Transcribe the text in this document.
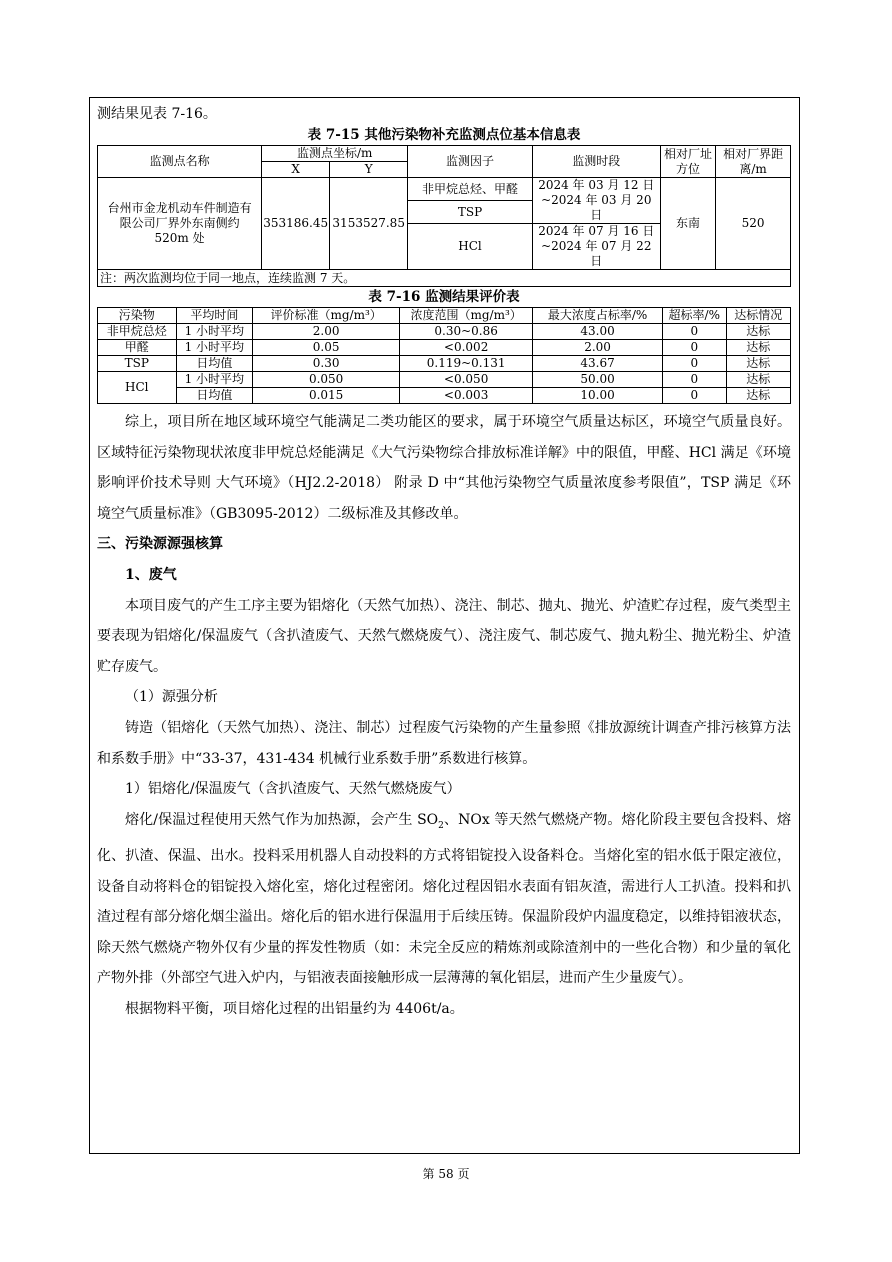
测结果见表 7-16。

表 7-15 其他污染物补充监测点位基本信息表
监测点名称	监测点坐标/m		监测因子	监测时段	相对厂址方位	相对厂界距离/m
	X	Y				
台州市金龙机动车件制造有限公司厂界外东南侧约 520m 处	353186.45	3153527.85	非甲烷总烃、甲醛	2024 年 03 月 12 日~2024 年 03 月 20 日	东南	520
			TSP			
			HCl	2024 年 07 月 16 日~2024 年 07 月 22 日		

注：两次监测均位于同一地点，连续监测 7 天。
表 7-16 监测结果评价表
污染物	平均时间	评价标准（mg/m³）	浓度范围（mg/m³）	最大浓度占标率/%	超标率/%	达标情况
非甲烷总烃	1 小时平均	2.00	0.30~0.86	43.00	0	达标
甲醛	1 小时平均	0.05	<0.002	2.00	0	达标
TSP	日均值	0.30	0.119~0.131	43.67	0	达标
HCl	1 小时平均	0.050	<0.050	50.00	0	达标
	日均值	0.015	<0.003	10.00	0	达标

综上，项目所在地区域环境空气能满足二类功能区的要求，属于环境空气质量达标区，环境空气质量良好。区域特征污染物现状浓度非甲烷总烃能满足《大气污染物综合排放标准详解》中的限值，甲醛、HCl 满足《环境影响评价技术导则 大气环境》（HJ2.2-2018） 附录 D 中“其他污染物空气质量浓度参考限值”，TSP 满足《环境空气质量标准》（GB3095-2012）二级标准及其修改单。

三、污染源源强核算

1、废气

本项目废气的产生工序主要为铝熔化（天然气加热）、浇注、制芯、抛丸、抛光、炉渣贮存过程，废气类型主要表现为铝熔化/保温废气（含扒渣废气、天然气燃烧废气）、浇注废气、制芯废气、抛丸粉尘、抛光粉尘、炉渣贮存废气。

（1）源强分析

铸造（铝熔化（天然气加热）、浇注、制芯）过程废气污染物的产生量参照《排放源统计调查产排污核算方法和系数手册》中“33-37，431-434 机械行业系数手册”系数进行核算。

1）铝熔化/保温废气（含扒渣废气、天然气燃烧废气）

熔化/保温过程使用天然气作为加热源，会产生 $SO_2$、NOx 等天然气燃烧产物。熔化阶段主要包含投料、熔化、扒渣、保温、出水。投料采用机器人自动投料的方式将铝锭投入设备料仓。当熔化室的铝水低于限定液位，设备自动将料仓的铝锭投入熔化室，熔化过程密闭。熔化过程因铝水表面有铝灰渣，需进行人工扒渣。投料和扒渣过程有部分熔化烟尘溢出。熔化后的铝水进行保温用于后续压铸。保温阶段炉内温度稳定，以维持铝液状态，除天然气燃烧产物外仅有少量的挥发性物质（如：未完全反应的精炼剂或除渣剂中的一些化合物）和少量的氧化产物外排（外部空气进入炉内，与铝液表面接触形成一层薄薄的氧化铝层，进而产生少量废气）。

根据物料平衡，项目熔化过程的出铝量约为 4406t/a。

第 58 页
